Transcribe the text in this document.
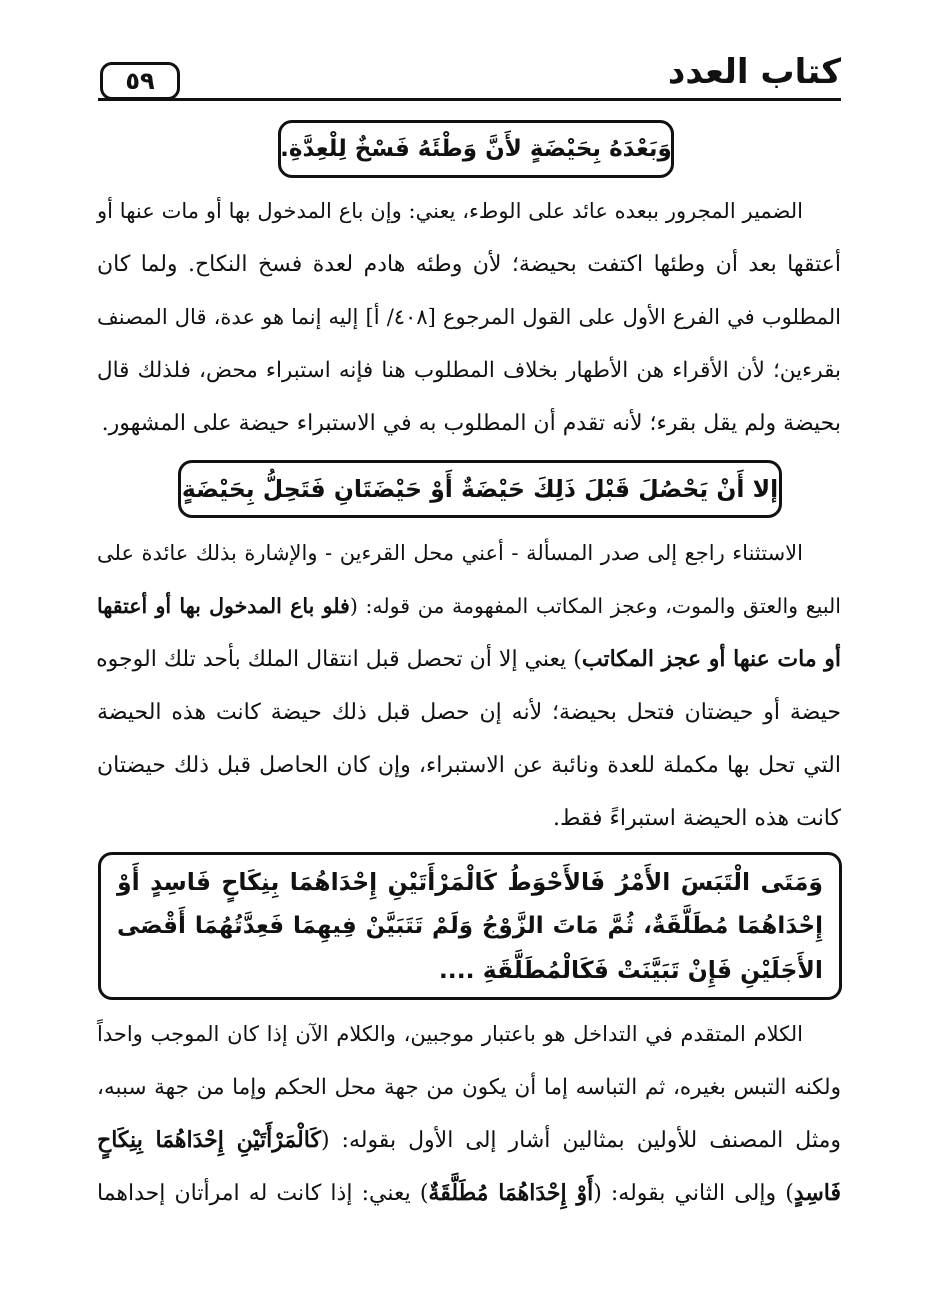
كتاب العدد
٥٩
وَبَعْدَهُ بِحَيْضَةٍ لأَنَّ وَطْئَهُ فَسْخٌ لِلْعِدَّةِ.
الضمير المجرور ببعده عائد على الوطء، يعني: وإن باع المدخول بها أو مات عنها أو
أعتقها بعد أن وطئها اكتفت بحيضة؛ لأن وطئه هادم لعدة فسخ النكاح. ولما كان
المطلوب في الفرع الأول على القول المرجوع [٤٠٨/ أ] إليه إنما هو عدة، قال المصنف
بقرءين؛ لأن الأقراء هن الأطهار بخلاف المطلوب هنا فإنه استبراء محض، فلذلك قال
بحيضة ولم يقل بقرء؛ لأنه تقدم أن المطلوب به في الاستبراء حيضة على المشهور.
إلا أَنْ يَحْصُلَ قَبْلَ ذَلِكَ حَيْضَةٌ أَوْ حَيْضَتَانِ فَتَحِلُّ بِحَيْضَةٍ
الاستثناء راجع إلى صدر المسألة - أعني محل القرءين - والإشارة بذلك عائدة على
البيع والعتق والموت، وعجز المكاتب المفهومة من قوله: (فلو باع المدخول بها أو أعتقها
أو مات عنها أو عجز المكاتب) يعني إلا أن تحصل قبل انتقال الملك بأحد تلك الوجوه
حيضة أو حيضتان فتحل بحيضة؛ لأنه إن حصل قبل ذلك حيضة كانت هذه الحيضة
التي تحل بها مكملة للعدة ونائبة عن الاستبراء، وإن كان الحاصل قبل ذلك حيضتان
كانت هذه الحيضة استبراءً فقط.
وَمَتَى الْتَبَسَ الأَمْرُ فَالأَحْوَطُ كَالْمَرْأَتَيْنِ إِحْدَاهُمَا بِنِكَاحٍ فَاسِدٍ أَوْ
إِحْدَاهُمَا مُطَلَّقَةٌ، ثُمَّ مَاتَ الزَّوْجُ وَلَمْ تَتَبَيَّنْ فِيهِمَا فَعِدَّتُهُمَا أَقْصَى
الأَجَلَيْنِ فَإِنْ تَبَيَّنَتْ فَكَالْمُطَلَّقَةِ ....
الكلام المتقدم في التداخل هو باعتبار موجبين، والكلام الآن إذا كان الموجب واحداً
ولكنه التبس بغيره، ثم التباسه إما أن يكون من جهة محل الحكم وإما من جهة سببه،
ومثل المصنف للأولين بمثالين أشار إلى الأول بقوله: (كَالْمَرْأَتَيْنِ إِحْدَاهُمَا بِنِكَاحٍ
فَاسِدٍ) وإلى الثاني بقوله: (أَوْ إِحْدَاهُمَا مُطَلَّقَةٌ) يعني: إذا كانت له امرأتان إحداهما
